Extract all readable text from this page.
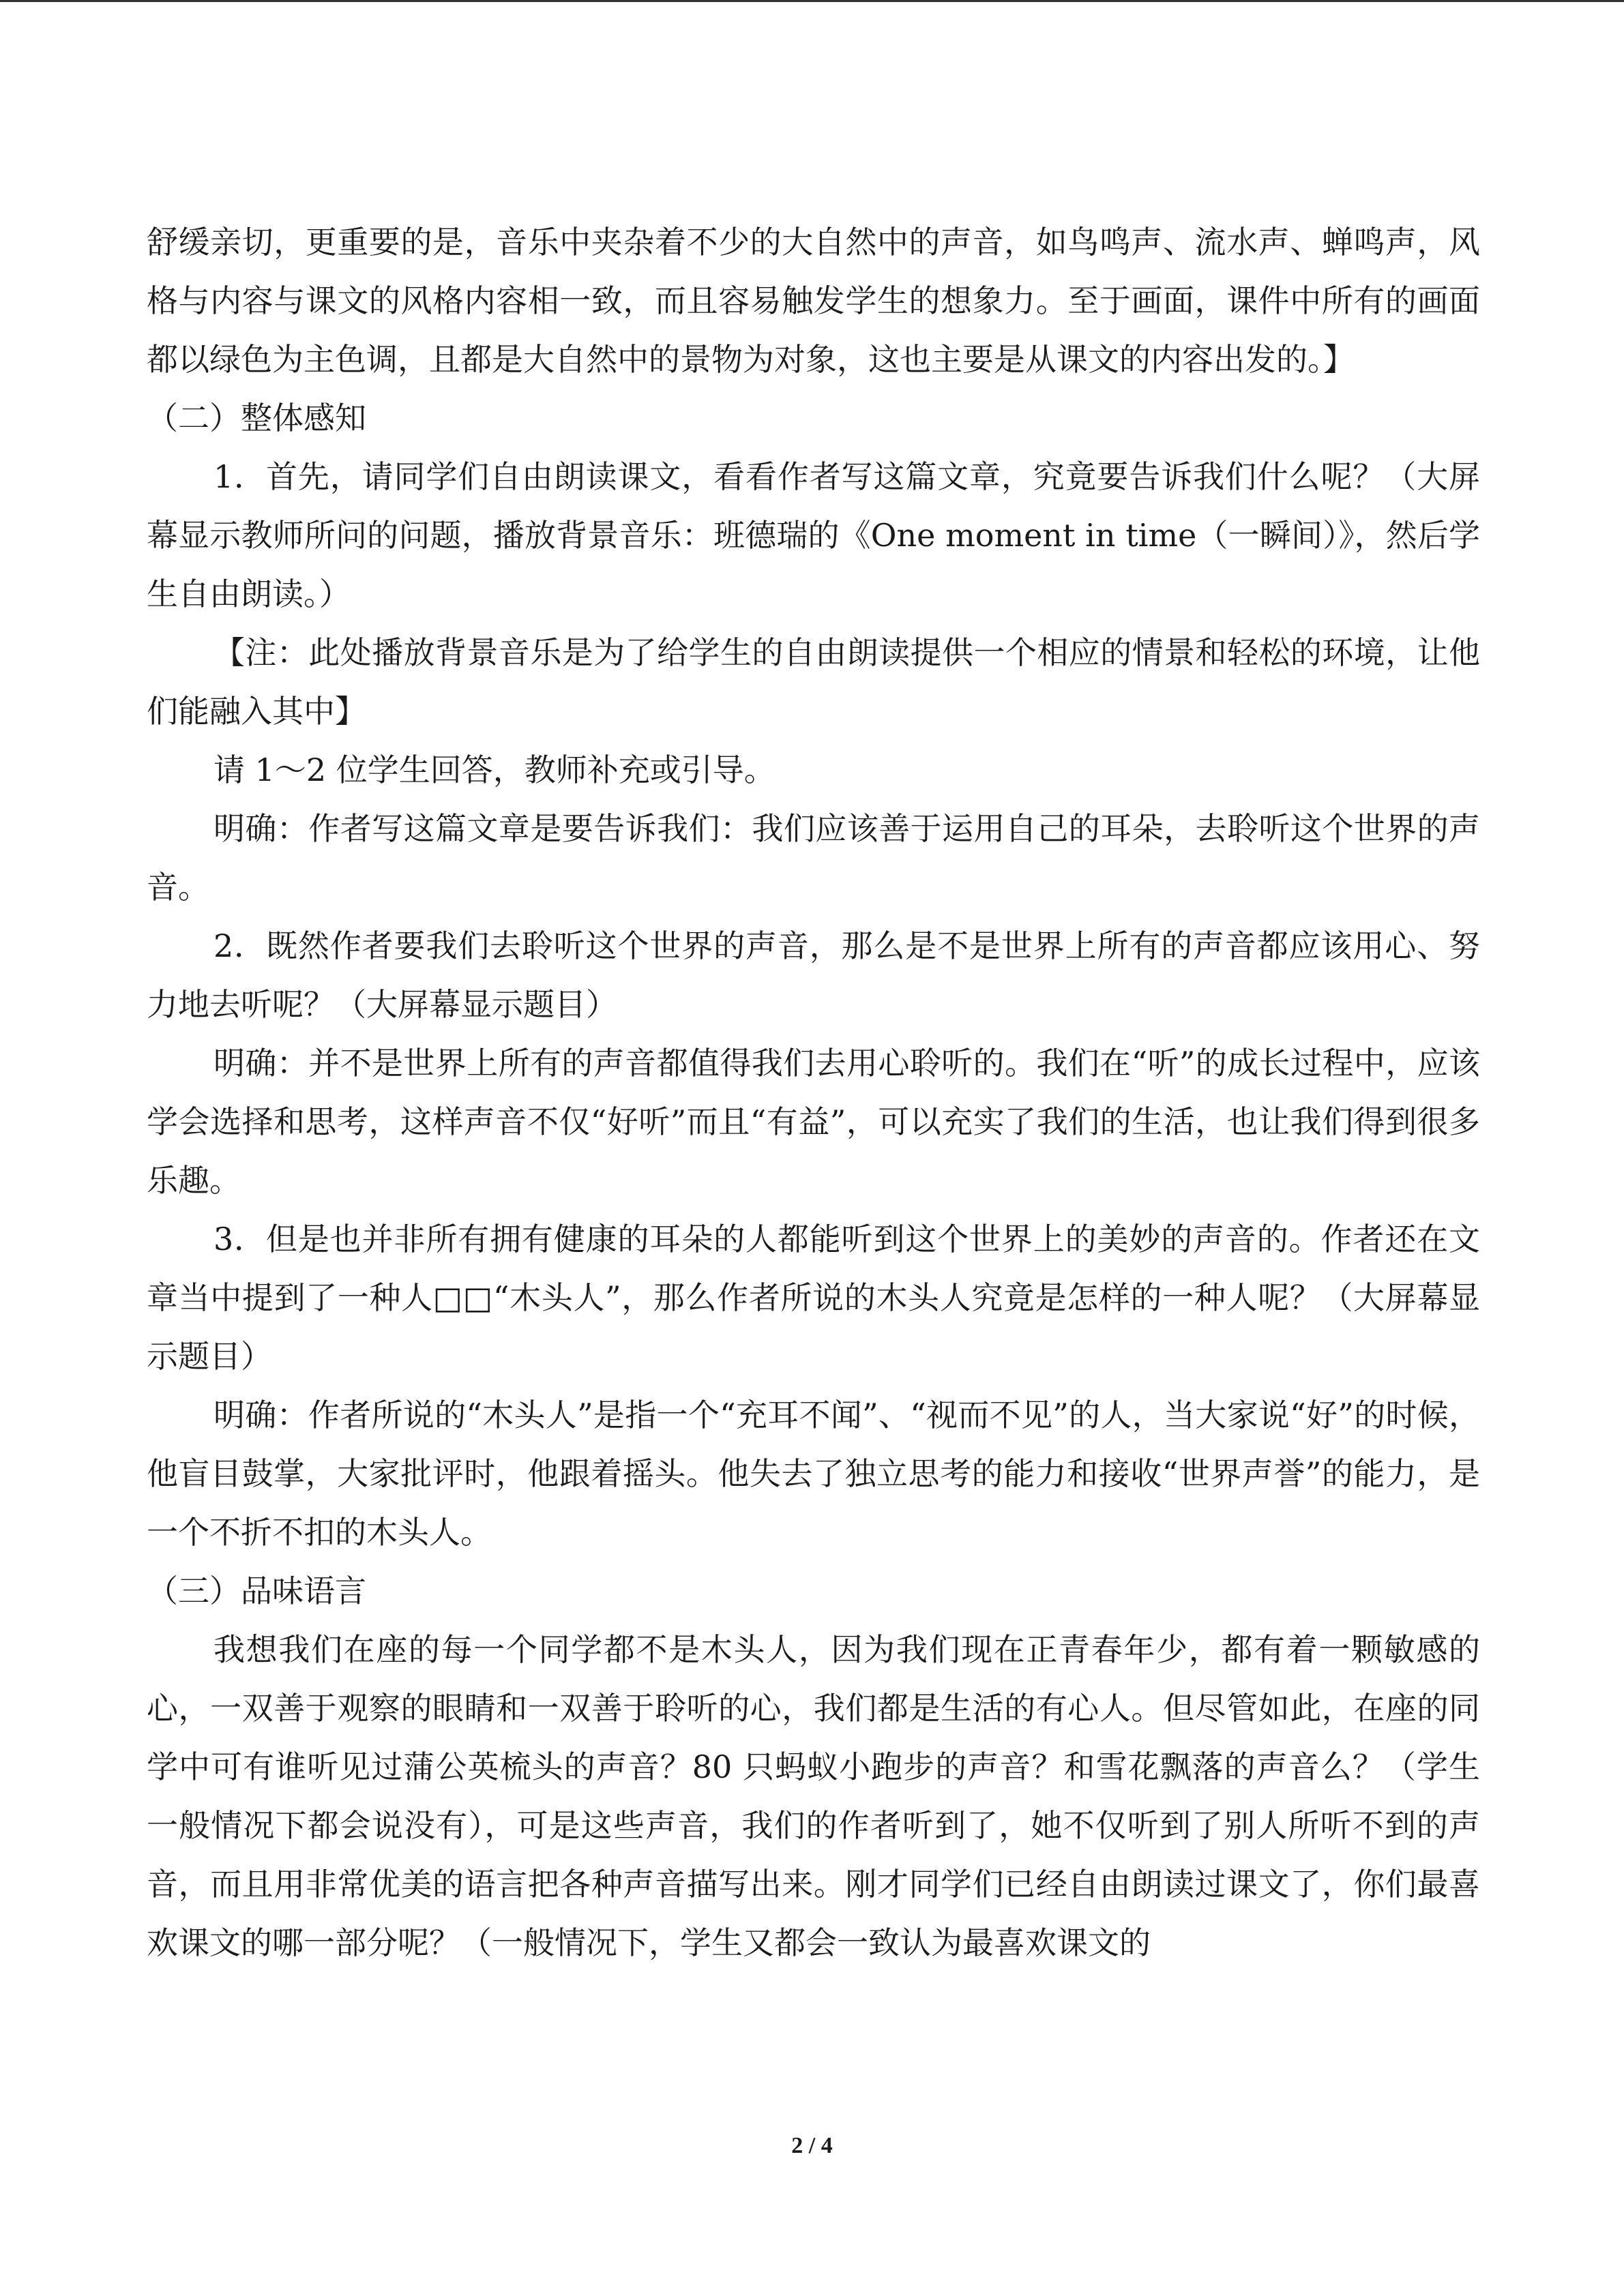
舒缓亲切，更重要的是，音乐中夹杂着不少的大自然中的声音，如鸟鸣声、流水声、蝉鸣声，风格与内容与课文的风格内容相一致，而且容易触发学生的想象力。至于画面，课件中所有的画面都以绿色为主色调，且都是大自然中的景物为对象，这也主要是从课文的内容出发的。】

（二）整体感知

1．首先，请同学们自由朗读课文，看看作者写这篇文章，究竟要告诉我们什么呢？（大屏幕显示教师所问的问题，播放背景音乐：班德瑞的《One moment in time（一瞬间）》，然后学生自由朗读。）

【注：此处播放背景音乐是为了给学生的自由朗读提供一个相应的情景和轻松的环境，让他们能融入其中】

请 1～2 位学生回答，教师补充或引导。

明确：作者写这篇文章是要告诉我们：我们应该善于运用自己的耳朵，去聆听这个世界的声音。

2．既然作者要我们去聆听这个世界的声音，那么是不是世界上所有的声音都应该用心、努力地去听呢？（大屏幕显示题目）

明确：并不是世界上所有的声音都值得我们去用心聆听的。我们在“听”的成长过程中，应该学会选择和思考，这样声音不仅“好听”而且“有益”，可以充实了我们的生活，也让我们得到很多乐趣。

3．但是也并非所有拥有健康的耳朵的人都能听到这个世界上的美妙的声音的。作者还在文章当中提到了一种人□□“木头人”，那么作者所说的木头人究竟是怎样的一种人呢？（大屏幕显示题目）

明确：作者所说的“木头人”是指一个“充耳不闻”、“视而不见”的人，当大家说“好”的时候，他盲目鼓掌，大家批评时，他跟着摇头。他失去了独立思考的能力和接收“世界声誉”的能力，是一个不折不扣的木头人。

（三）品味语言

我想我们在座的每一个同学都不是木头人，因为我们现在正青春年少，都有着一颗敏感的心，一双善于观察的眼睛和一双善于聆听的心，我们都是生活的有心人。但尽管如此，在座的同学中可有谁听见过蒲公英梳头的声音？80 只蚂蚁小跑步的声音？和雪花飘落的声音么？（学生一般情况下都会说没有），可是这些声音，我们的作者听到了，她不仅听到了别人所听不到的声音，而且用非常优美的语言把各种声音描写出来。刚才同学们已经自由朗读过课文了，你们最喜欢课文的哪一部分呢？（一般情况下，学生又都会一致认为最喜欢课文的

2 / 4
